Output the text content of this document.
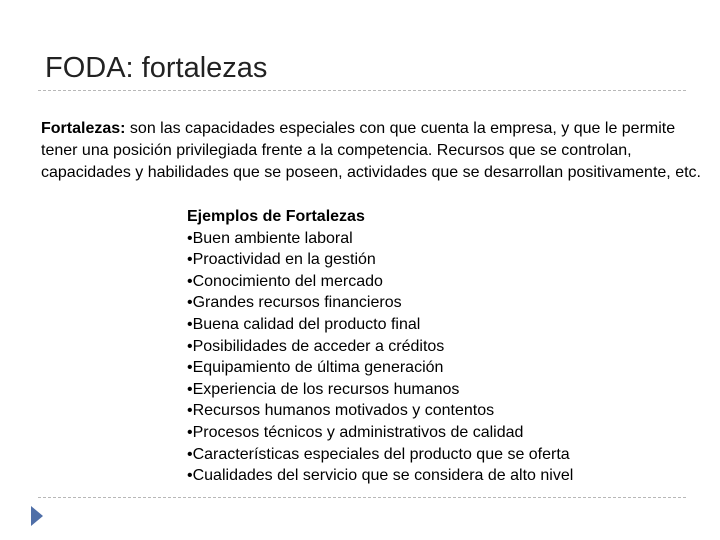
FODA: fortalezas

Fortalezas: son las capacidades especiales con que cuenta la empresa, y que le permite tener una posición privilegiada frente a la competencia. Recursos que se controlan, capacidades y habilidades que se poseen, actividades que se desarrollan positivamente, etc.

Ejemplos de Fortalezas
•Buen ambiente laboral
•Proactividad en la gestión
•Conocimiento del mercado
•Grandes recursos financieros
•Buena calidad del producto final
•Posibilidades de acceder a créditos
•Equipamiento de última generación
•Experiencia de los recursos humanos
•Recursos humanos motivados y contentos
•Procesos técnicos y administrativos de calidad
•Características especiales del producto que se oferta
•Cualidades del servicio que se considera de alto nivel
